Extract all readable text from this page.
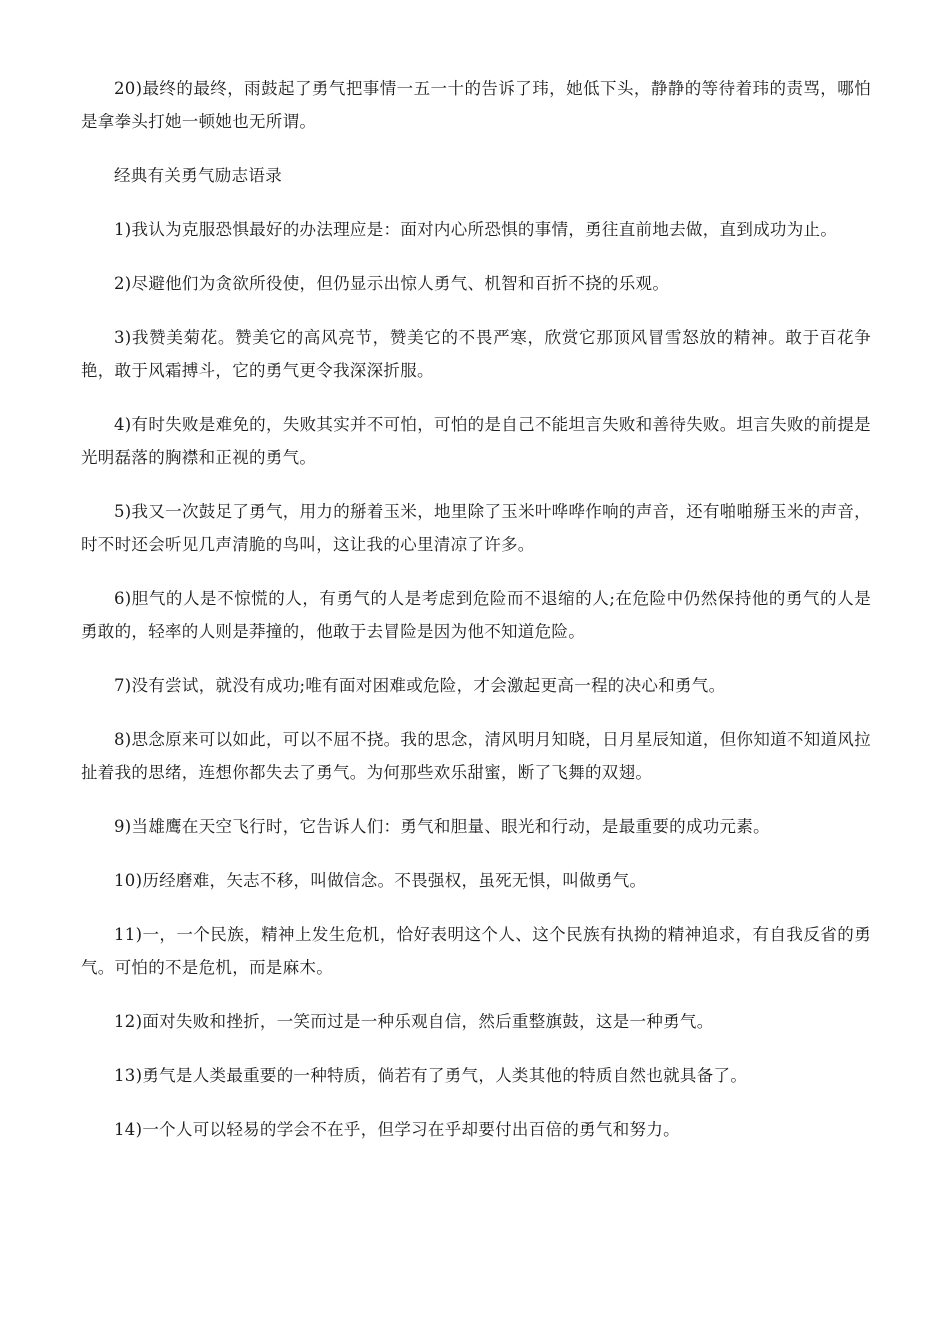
20)最终的最终，雨鼓起了勇气把事情一五一十的告诉了玮，她低下头，静静的等待着玮的责骂，哪怕是拿拳头打她一顿她也无所谓。

经典有关勇气励志语录

1)我认为克服恐惧最好的办法理应是：面对内心所恐惧的事情，勇往直前地去做，直到成功为止。

2)尽避他们为贪欲所役使，但仍显示出惊人勇气、机智和百折不挠的乐观。

3)我赞美菊花。赞美它的高风亮节，赞美它的不畏严寒，欣赏它那顶风冒雪怒放的精神。敢于百花争艳，敢于风霜搏斗，它的勇气更令我深深折服。

4)有时失败是难免的，失败其实并不可怕，可怕的是自己不能坦言失败和善待失败。坦言失败的前提是光明磊落的胸襟和正视的勇气。

5)我又一次鼓足了勇气，用力的掰着玉米，地里除了玉米叶哗哗作响的声音，还有啪啪掰玉米的声音，时不时还会听见几声清脆的鸟叫，这让我的心里清凉了许多。

6)胆气的人是不惊慌的人，有勇气的人是考虑到危险而不退缩的人;在危险中仍然保持他的勇气的人是勇敢的，轻率的人则是莽撞的，他敢于去冒险是因为他不知道危险。

7)没有尝试，就没有成功;唯有面对困难或危险，才会激起更高一程的决心和勇气。

8)思念原来可以如此，可以不屈不挠。我的思念，清风明月知晓，日月星辰知道，但你知道不知道风拉扯着我的思绪，连想你都失去了勇气。为何那些欢乐甜蜜，断了飞舞的双翅。

9)当雄鹰在天空飞行时，它告诉人们：勇气和胆量、眼光和行动，是最重要的成功元素。

10)历经磨难，矢志不移，叫做信念。不畏强权，虽死无惧，叫做勇气。

11)一，一个民族，精神上发生危机，恰好表明这个人、这个民族有执拗的精神追求，有自我反省的勇气。可怕的不是危机，而是麻木。

12)面对失败和挫折，一笑而过是一种乐观自信，然后重整旗鼓，这是一种勇气。

13)勇气是人类最重要的一种特质，倘若有了勇气，人类其他的特质自然也就具备了。

14)一个人可以轻易的学会不在乎，但学习在乎却要付出百倍的勇气和努力。
